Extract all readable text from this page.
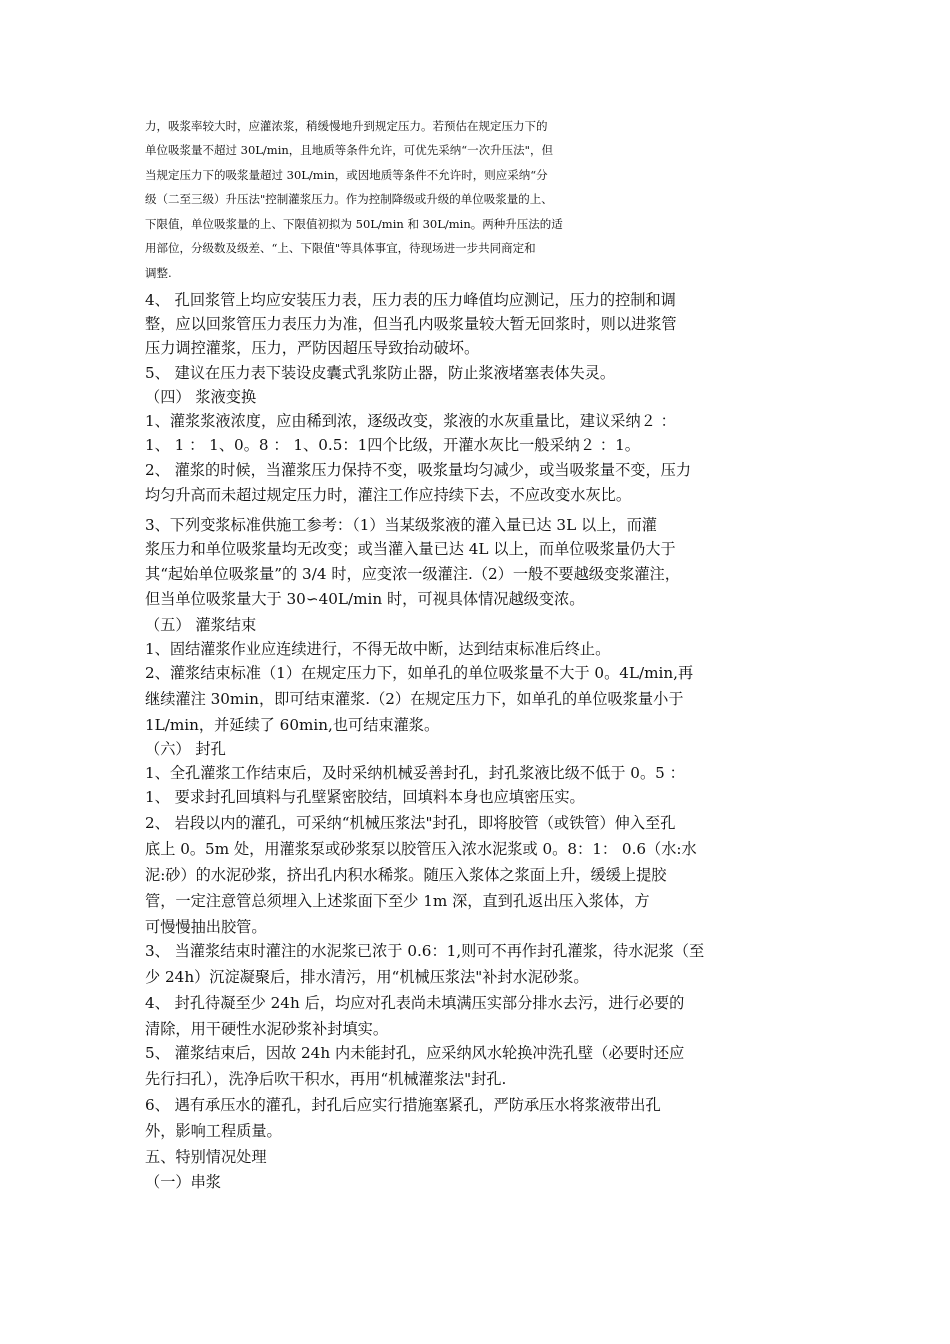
力，吸浆率较大时，应灌浓浆，稍缓慢地升到规定压力。若预估在规定压力下的
单位吸浆量不超过 30L/min，且地质等条件允许，可优先采纳“一次升压法"，但
当规定压力下的吸浆量超过 30L/min，或因地质等条件不允许时，则应采纳“分
级（二至三级）升压法"控制灌浆压力。作为控制降级或升级的单位吸浆量的上、
下限值，单位吸浆量的上、下限值初拟为 50L/min 和 30L/min。两种升压法的适
用部位，分级数及级差、“上、下限值"等具体事宜，待现场进一步共同商定和
调整.
4、 孔回浆管上均应安装压力表，压力表的压力峰值均应测记，压力的控制和调
整，应以回浆管压力表压力为准，但当孔内吸浆量较大暂无回浆时，则以进浆管
压力调控灌浆，压力，严防因超压导致抬动破坏。
5、 建议在压力表下装设皮囊式乳浆防止器，防止浆液堵塞表体失灵。
（四） 浆液变换
1、灌浆浆液浓度，应由稀到浓，逐级改变，浆液的水灰重量比，建议采纳２ ：
1、 1 ： 1、0。8 ： 1、0.5：1四个比级，开灌水灰比一般采纳２ ：1。
2、 灌浆的时候，当灌浆压力保持不变，吸浆量均匀减少，或当吸浆量不变，压力
均匀升高而未超过规定压力时，灌注工作应持续下去，不应改变水灰比。
3、下列变浆标准供施工参考：（1）当某级浆液的灌入量已达 3L 以上，而灌
浆压力和单位吸浆量均无改变；或当灌入量已达 4L 以上，而单位吸浆量仍大于
其“起始单位吸浆量”的 3/4 时，应变浓一级灌注.（2）一般不要越级变浆灌注，
但当单位吸浆量大于 30∽40L/min 时，可视具体情况越级变浓。
（五） 灌浆结束
1、固结灌浆作业应连续进行，不得无故中断，达到结束标准后终止。
2、灌浆结束标准（1）在规定压力下，如单孔的单位吸浆量不大于 0。4L/min,再
继续灌注 30min，即可结束灌浆.（2）在规定压力下，如单孔的单位吸浆量小于
1L/min，并延续了 60min,也可结束灌浆。
（六） 封孔
1、全孔灌浆工作结束后，及时采纳机械妥善封孔，封孔浆液比级不低于 0。5 ：
1、 要求封孔回填料与孔壁紧密胶结，回填料本身也应填密压实。
2、 岩段以内的灌孔，可采纳“机械压浆法"封孔，即将胶管（或铁管）伸入至孔
底上 0。5m 处，用灌浆泵或砂浆泵以胶管压入浓水泥浆或 0。8：1： 0.6（水:水
泥:砂）的水泥砂浆，挤出孔内积水稀浆。随压入浆体之浆面上升，缓缓上提胶
管，一定注意管总须埋入上述浆面下至少 1m 深，直到孔返出压入浆体，方
可慢慢抽出胶管。
3、 当灌浆结束时灌注的水泥浆已浓于 0.6：1,则可不再作封孔灌浆，待水泥浆（至
少 24h）沉淀凝聚后，排水清污，用“机械压浆法"补封水泥砂浆。
4、 封孔待凝至少 24h 后，均应对孔表尚未填满压实部分排水去污，进行必要的
清除，用干硬性水泥砂浆补封填实。
5、 灌浆结束后，因故 24h 内未能封孔，应采纳风水轮换冲洗孔壁（必要时还应
先行扫孔），洗净后吹干积水，再用“机械灌浆法"封孔.
6、 遇有承压水的灌孔，封孔后应实行措施塞紧孔，严防承压水将浆液带出孔
外，影响工程质量。
五、特别情况处理
（一）串浆
